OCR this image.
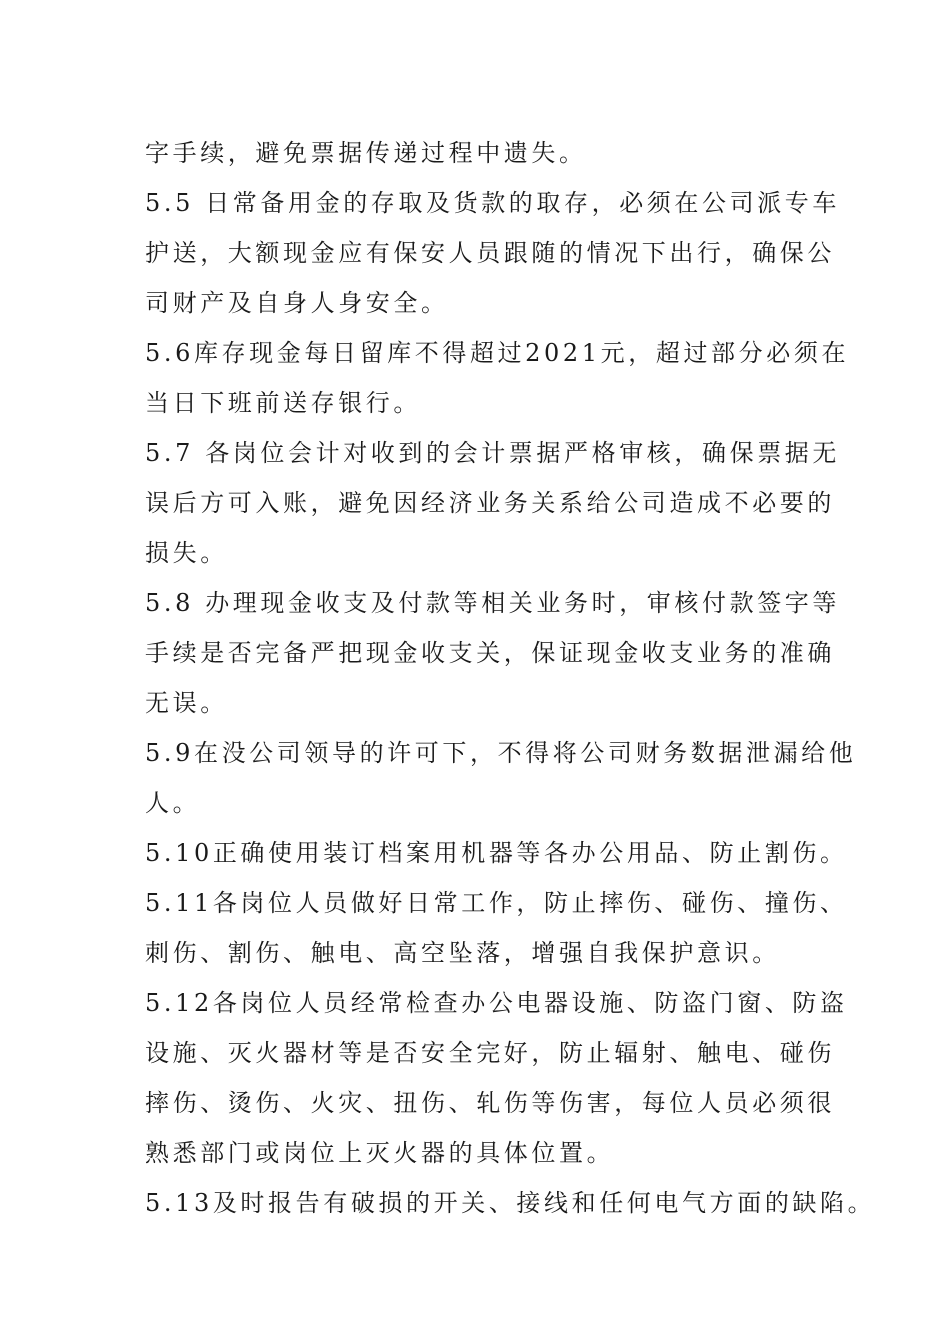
字手续，避免票据传递过程中遗失。
5.5 日常备用金的存取及货款的取存，必须在公司派专车
护送，大额现金应有保安人员跟随的情况下出行，确保公
司财产及自身人身安全。
5.6库存现金每日留库不得超过2021元，超过部分必须在
当日下班前送存银行。
5.7 各岗位会计对收到的会计票据严格审核，确保票据无
误后方可入账，避免因经济业务关系给公司造成不必要的
损失。
5.8 办理现金收支及付款等相关业务时，审核付款签字等
手续是否完备严把现金收支关，保证现金收支业务的准确
无误。
5.9在没公司领导的许可下，不得将公司财务数据泄漏给他
人。
5.10正确使用装订档案用机器等各办公用品、防止割伤。
5.11各岗位人员做好日常工作，防止摔伤、碰伤、撞伤、
刺伤、割伤、触电、高空坠落，增强自我保护意识。
5.12各岗位人员经常检查办公电器设施、防盗门窗、防盗
设施、灭火器材等是否安全完好，防止辐射、触电、碰伤
摔伤、烫伤、火灾、扭伤、轧伤等伤害，每位人员必须很
熟悉部门或岗位上灭火器的具体位置。
5.13及时报告有破损的开关、接线和任何电气方面的缺陷。
